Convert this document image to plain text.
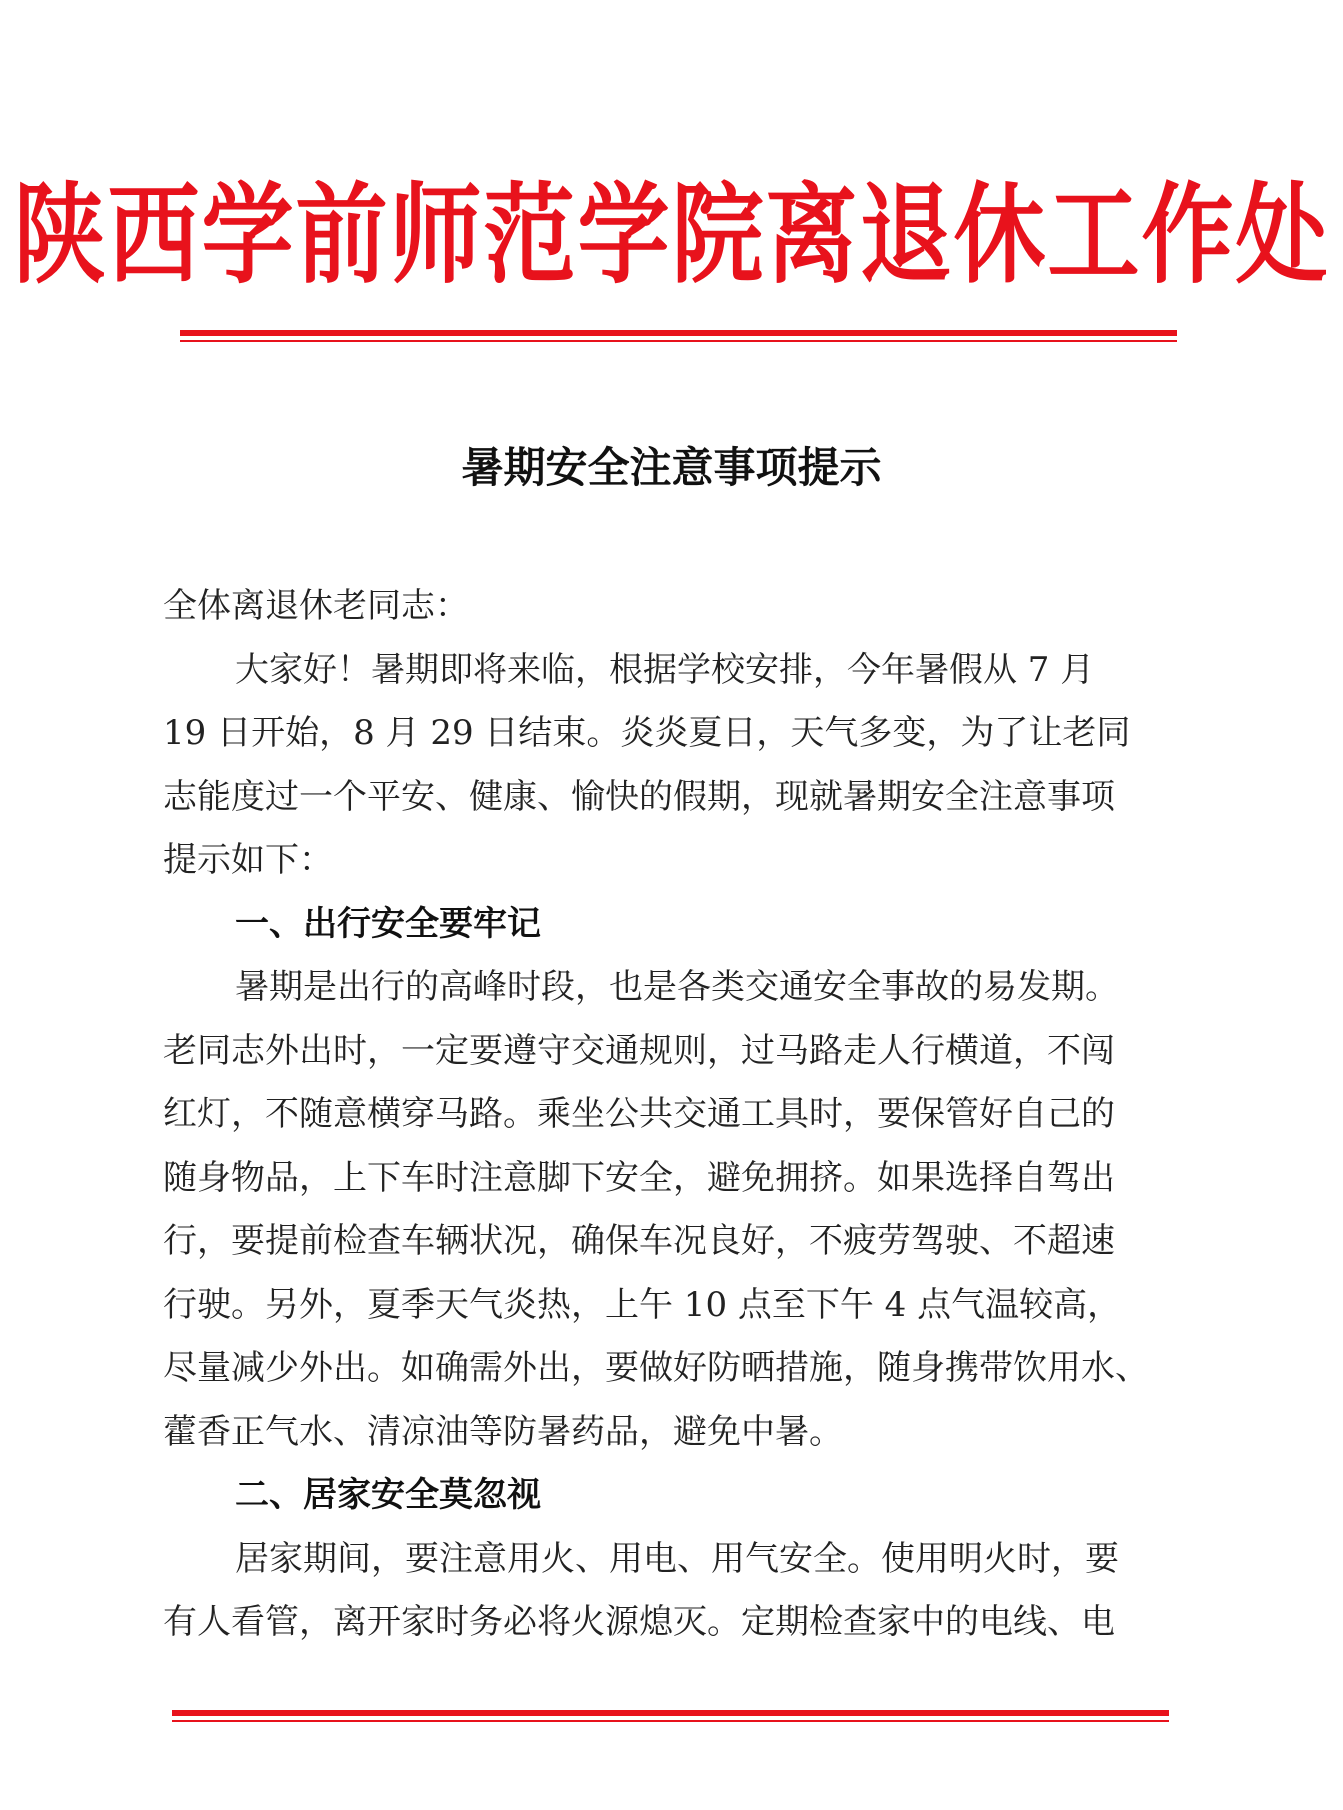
陕西学前师范学院离退休工作处
暑期安全注意事项提示
全体离退休老同志：
大家好！暑期即将来临，根据学校安排，今年暑假从 7 月
19 日开始，8 月 29 日结束。炎炎夏日，天气多变，为了让老同
志能度过一个平安、健康、愉快的假期，现就暑期安全注意事项
提示如下：
一、出行安全要牢记
暑期是出行的高峰时段，也是各类交通安全事故的易发期。
老同志外出时，一定要遵守交通规则，过马路走人行横道，不闯
红灯，不随意横穿马路。乘坐公共交通工具时，要保管好自己的
随身物品，上下车时注意脚下安全，避免拥挤。如果选择自驾出
行，要提前检查车辆状况，确保车况良好，不疲劳驾驶、不超速
行驶。另外，夏季天气炎热，上午 10 点至下午 4 点气温较高，
尽量减少外出。如确需外出，要做好防晒措施，随身携带饮用水、
藿香正气水、清凉油等防暑药品，避免中暑。
二、居家安全莫忽视
居家期间，要注意用火、用电、用气安全。使用明火时，要
有人看管，离开家时务必将火源熄灭。定期检查家中的电线、电
